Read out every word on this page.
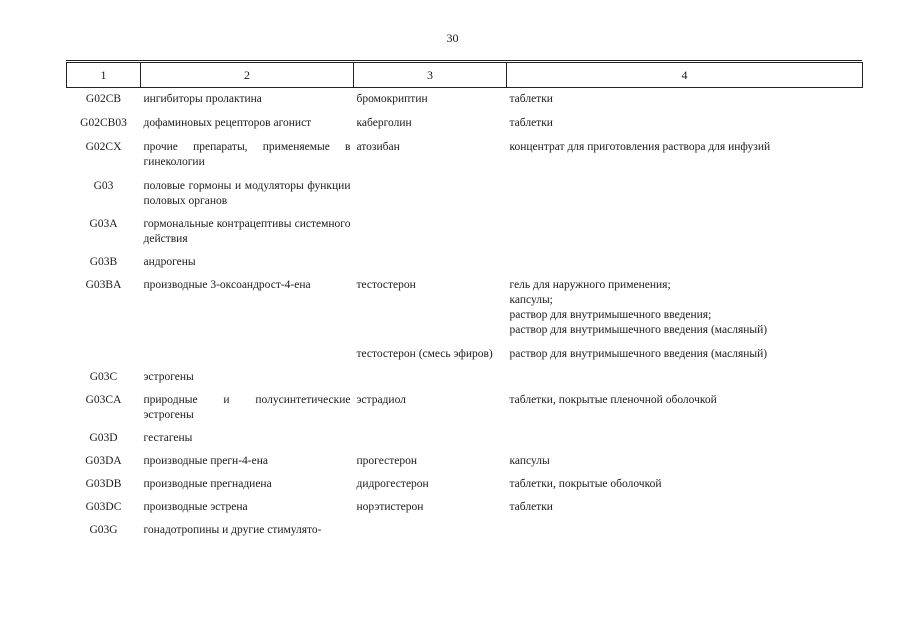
30
1	2	3	4
G02CB	ингибиторы пролактина	бромокриптин	таблетки

G02CB03	дофаминовых рецепторов агонист	каберголин	таблетки

G02CX	прочие препараты, применяемые в гинекологии	атозибан	концентрат для приготовления раствора для инфузий

G03	половые гормоны и модуляторы функции половых органов		
G03A	гормональные контрацептивы системного действия		
G03B	андрогены		
G03BA	производные 3-оксоандрост-4-ена	тестостерон	гель для наружного применения;
капсулы;
раствор для внутримышечного введения;
раствор для внутримышечного введения (масляный)

		тестостерон (смесь эфиров)	раствор для внутримышечного введения (масляный)

G03C	эстрогены		
G03CA	природные и полусинтетические эстрогены	эстрадиол	таблетки, покрытые пленочной оболочкой

G03D	гестагены		
G03DA	производные прегн-4-ена	прогестерон	капсулы

G03DB	производные прегнадиена	дидрогестерон	таблетки, покрытые оболочкой

G03DC	производные эстрена	норэтистерон	таблетки

G03G	гонадотропины и другие стимулято-		
